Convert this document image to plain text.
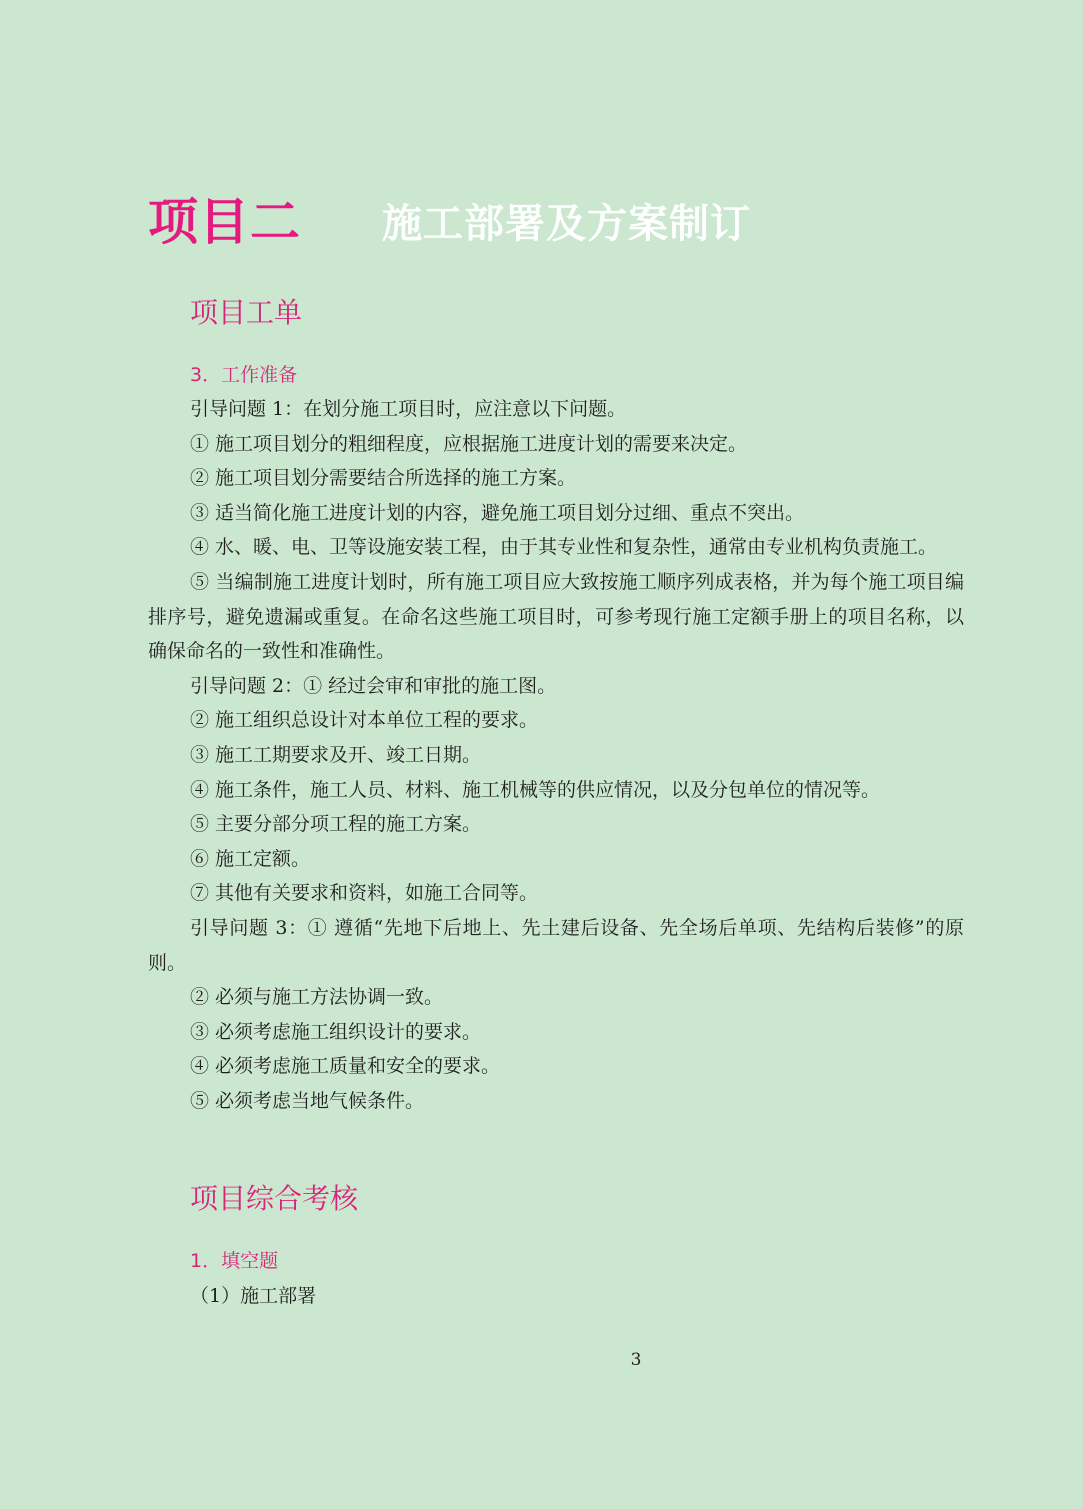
项目二 施工部署及方案制订
项目工单
3．工作准备

引导问题 1：在划分施工项目时，应注意以下问题。

① 施工项目划分的粗细程度，应根据施工进度计划的需要来决定。

② 施工项目划分需要结合所选择的施工方案。

③ 适当简化施工进度计划的内容，避免施工项目划分过细、重点不突出。

④ 水、暖、电、卫等设施安装工程，由于其专业性和复杂性，通常由专业机构负责施工。

⑤ 当编制施工进度计划时，所有施工项目应大致按施工顺序列成表格，并为每个施工项目编排序号，避免遗漏或重复。在命名这些施工项目时，可参考现行施工定额手册上的项目名称，以确保命名的一致性和准确性。

引导问题 2：① 经过会审和审批的施工图。

② 施工组织总设计对本单位工程的要求。

③ 施工工期要求及开、竣工日期。

④ 施工条件，施工人员、材料、施工机械等的供应情况，以及分包单位的情况等。

⑤ 主要分部分项工程的施工方案。

⑥ 施工定额。

⑦ 其他有关要求和资料，如施工合同等。

引导问题 3：① 遵循“先地下后地上、先土建后设备、先全场后单项、先结构后装修”的原则。

② 必须与施工方法协调一致。

③ 必须考虑施工组织设计的要求。

④ 必须考虑施工质量和安全的要求。

⑤ 必须考虑当地气候条件。

项目综合考核
1．填空题
（1）施工部署
3
